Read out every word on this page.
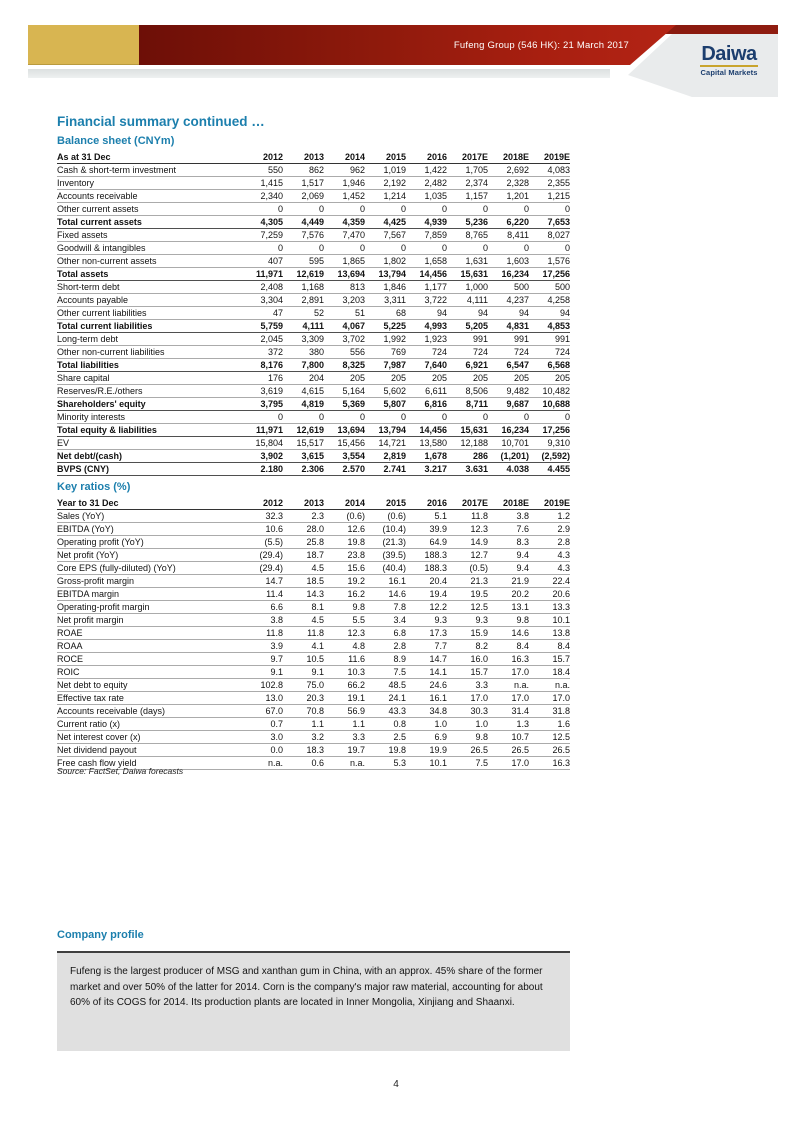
Fufeng Group (546 HK): 21 March 2017	Daiwa
Capital Markets
Financial summary continued …
Balance sheet (CNYm)
As at 31 Dec	2012	2013	2014	2015	2016	2017E	2018E	2019E
Cash & short-term investment	550	862	962	1,019	1,422	1,705	2,692	4,083
Inventory	1,415	1,517	1,946	2,192	2,482	2,374	2,328	2,355
Accounts receivable	2,340	2,069	1,452	1,214	1,035	1,157	1,201	1,215
Other current assets	0	0	0	0	0	0	0	0
Total current assets	4,305	4,449	4,359	4,425	4,939	5,236	6,220	7,653
Fixed assets	7,259	7,576	7,470	7,567	7,859	8,765	8,411	8,027
Goodwill & intangibles	0	0	0	0	0	0	0	0
Other non-current assets	407	595	1,865	1,802	1,658	1,631	1,603	1,576
Total assets	11,971	12,619	13,694	13,794	14,456	15,631	16,234	17,256
Short-term debt	2,408	1,168	813	1,846	1,177	1,000	500	500
Accounts payable	3,304	2,891	3,203	3,311	3,722	4,111	4,237	4,258
Other current liabilities	47	52	51	68	94	94	94	94
Total current liabilities	5,759	4,111	4,067	5,225	4,993	5,205	4,831	4,853
Long-term debt	2,045	3,309	3,702	1,992	1,923	991	991	991
Other non-current liabilities	372	380	556	769	724	724	724	724
Total liabilities	8,176	7,800	8,325	7,987	7,640	6,921	6,547	6,568
Share capital	176	204	205	205	205	205	205	205
Reserves/R.E./others	3,619	4,615	5,164	5,602	6,611	8,506	9,482	10,482
Shareholders' equity	3,795	4,819	5,369	5,807	6,816	8,711	9,687	10,688
Minority interests	0	0	0	0	0	0	0	0
Total equity & liabilities	11,971	12,619	13,694	13,794	14,456	15,631	16,234	17,256
EV	15,804	15,517	15,456	14,721	13,580	12,188	10,701	9,310
Net debt/(cash)	3,902	3,615	3,554	2,819	1,678	286	(1,201)	(2,592)
BVPS (CNY)	2.180	2.306	2.570	2.741	3.217	3.631	4.038	4.455
Key ratios (%)
Year to 31 Dec	2012	2013	2014	2015	2016	2017E	2018E	2019E
Sales (YoY)	32.3	2.3	(0.6)	(0.6)	5.1	11.8	3.8	1.2
EBITDA (YoY)	10.6	28.0	12.6	(10.4)	39.9	12.3	7.6	2.9
Operating profit (YoY)	(5.5)	25.8	19.8	(21.3)	64.9	14.9	8.3	2.8
Net profit (YoY)	(29.4)	18.7	23.8	(39.5)	188.3	12.7	9.4	4.3
Core EPS (fully-diluted) (YoY)	(29.4)	4.5	15.6	(40.4)	188.3	(0.5)	9.4	4.3
Gross-profit margin	14.7	18.5	19.2	16.1	20.4	21.3	21.9	22.4
EBITDA margin	11.4	14.3	16.2	14.6	19.4	19.5	20.2	20.6
Operating-profit margin	6.6	8.1	9.8	7.8	12.2	12.5	13.1	13.3
Net profit margin	3.8	4.5	5.5	3.4	9.3	9.3	9.8	10.1
ROAE	11.8	11.8	12.3	6.8	17.3	15.9	14.6	13.8
ROAA	3.9	4.1	4.8	2.8	7.7	8.2	8.4	8.4
ROCE	9.7	10.5	11.6	8.9	14.7	16.0	16.3	15.7
ROIC	9.1	9.1	10.3	7.5	14.1	15.7	17.0	18.4
Net debt to equity	102.8	75.0	66.2	48.5	24.6	3.3	n.a.	n.a.
Effective tax rate	13.0	20.3	19.1	24.1	16.1	17.0	17.0	17.0
Accounts receivable (days)	67.0	70.8	56.9	43.3	34.8	30.3	31.4	31.8
Current ratio (x)	0.7	1.1	1.1	0.8	1.0	1.0	1.3	1.6
Net interest cover (x)	3.0	3.2	3.3	2.5	6.9	9.8	10.7	12.5
Net dividend payout	0.0	18.3	19.7	19.8	19.9	26.5	26.5	26.5
Free cash flow yield	n.a.	0.6	n.a.	5.3	10.1	7.5	17.0	16.3
Source: FactSet, Daiwa forecasts
Company profile

Fufeng is the largest producer of MSG and xanthan gum in China, with an approx. 45% share of the former market and over 50% of the latter for 2014. Corn is the company's major raw material, accounting for about 60% of its COGS for 2014. Its production plants are located in Inner Mongolia, Xinjiang and Shaanxi.

4
